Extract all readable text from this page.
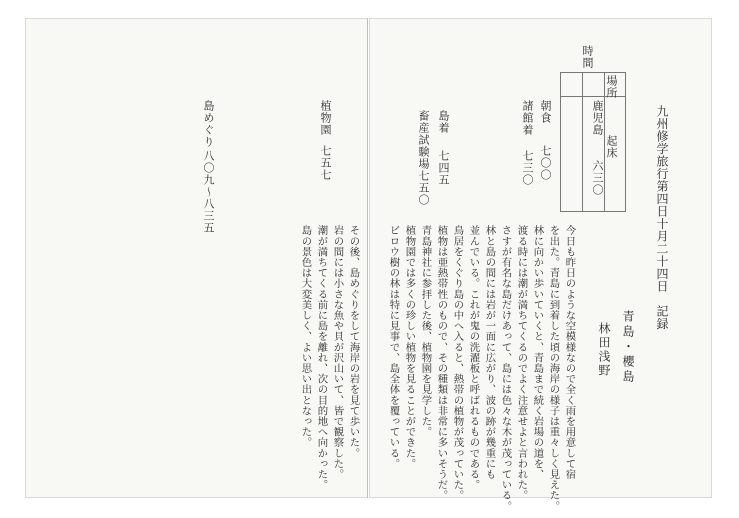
九州修学旅行第四日十月二十四日　記録
青島・櫻島
林田浅野
時間
場所
鹿児島
起床
六三〇
朝食
七〇〇
諸館着
七三〇
島着
七四五
畜産試験場
七五〇
植物園
七五七
島めぐり
八〇九～八三五
今日も昨日のような空模様なので全く雨を用意して宿
を出た。青島に到着した頃の海岸の様子は重々しく見えた。
林に向かい歩いていくと、青島まで続く岩場の道を、
渡る時には潮が満ちてくるのでよく注意せよと言われた。
さすが有名な島だけあって、島には色々な木が茂っている。
林と島の間には岩が一面に広がり、波の跡が幾重にも
並んでいる。これが鬼の洗濯板と呼ばれるものである。
鳥居をくぐり島の中へ入ると、熱帯の植物が茂っていた。
植物は亜熱帯性のもので、その種類は非常に多いそうだ。
青島神社に参拝した後、植物園を見学した。
植物園では多くの珍しい植物を見ることができた。
ビロウ樹の林は特に見事で、島全体を覆っている。
その後、島めぐりをして海岸の岩を見て歩いた。
岩の間には小さな魚や貝が沢山いて、皆で観察した。
潮が満ちてくる前に島を離れ、次の目的地へ向かった。
島の景色は大変美しく、よい思い出となった。
